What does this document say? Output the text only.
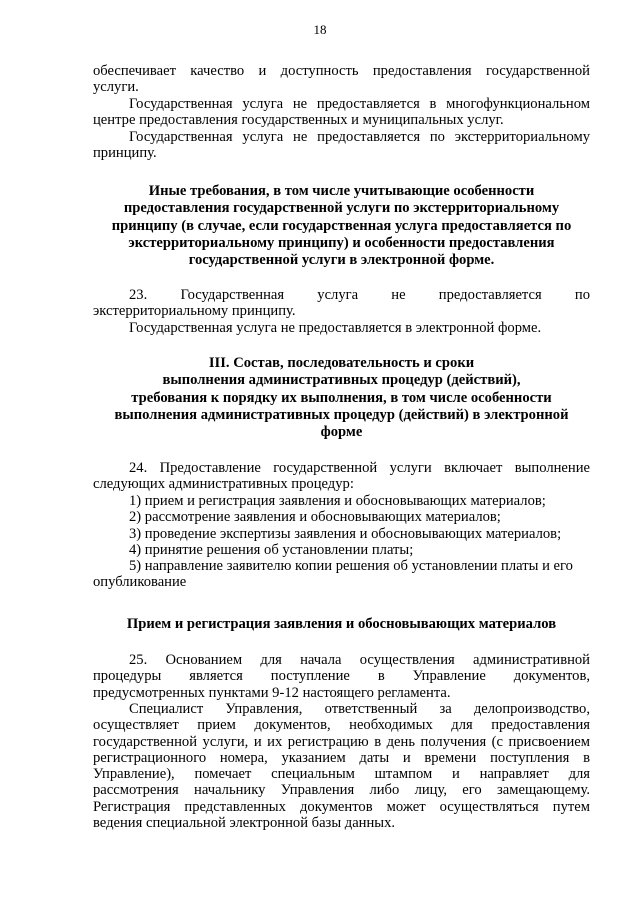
18
обеспечивает качество и доступность предоставления государственной
услуги.
Государственная услуга не предоставляется в многофункциональном
центре предоставления государственных и муниципальных услуг.
Государственная услуга не предоставляется по экстерриториальному
принципу.
Иные требования, в том числе учитывающие особенности
предоставления государственной услуги по экстерриториальному
принципу (в случае, если государственная услуга предоставляется по
экстерриториальному принципу) и особенности предоставления
государственной услуги в электронной форме.
23. Государственная услуга не предоставляется по
экстерриториальному принципу.
Государственная услуга не предоставляется в электронной форме.
III. Состав, последовательность и сроки
выполнения административных процедур (действий),
требования к порядку их выполнения, в том числе особенности
выполнения административных процедур (действий) в электронной
форме
24. Предоставление государственной услуги включает выполнение
следующих административных процедур:
1) прием и регистрация заявления и обосновывающих материалов;
2) рассмотрение заявления и обосновывающих материалов;
3) проведение экспертизы заявления и обосновывающих материалов;
4) принятие решения об установлении платы;
5) направление заявителю копии решения об установлении платы и его
опубликование
Прием и регистрация заявления и обосновывающих материалов
25. Основанием для начала осуществления административной
процедуры является поступление в Управление документов,
предусмотренных пунктами 9-12 настоящего регламента.
Специалист Управления, ответственный за делопроизводство,
осуществляет прием документов, необходимых для предоставления
государственной услуги, и их регистрацию в день получения (с присвоением
регистрационного номера, указанием даты и времени поступления в
Управление), помечает специальным штампом и направляет для
рассмотрения начальнику Управления либо лицу, его замещающему.
Регистрация представленных документов может осуществляться путем
ведения специальной электронной базы данных.
